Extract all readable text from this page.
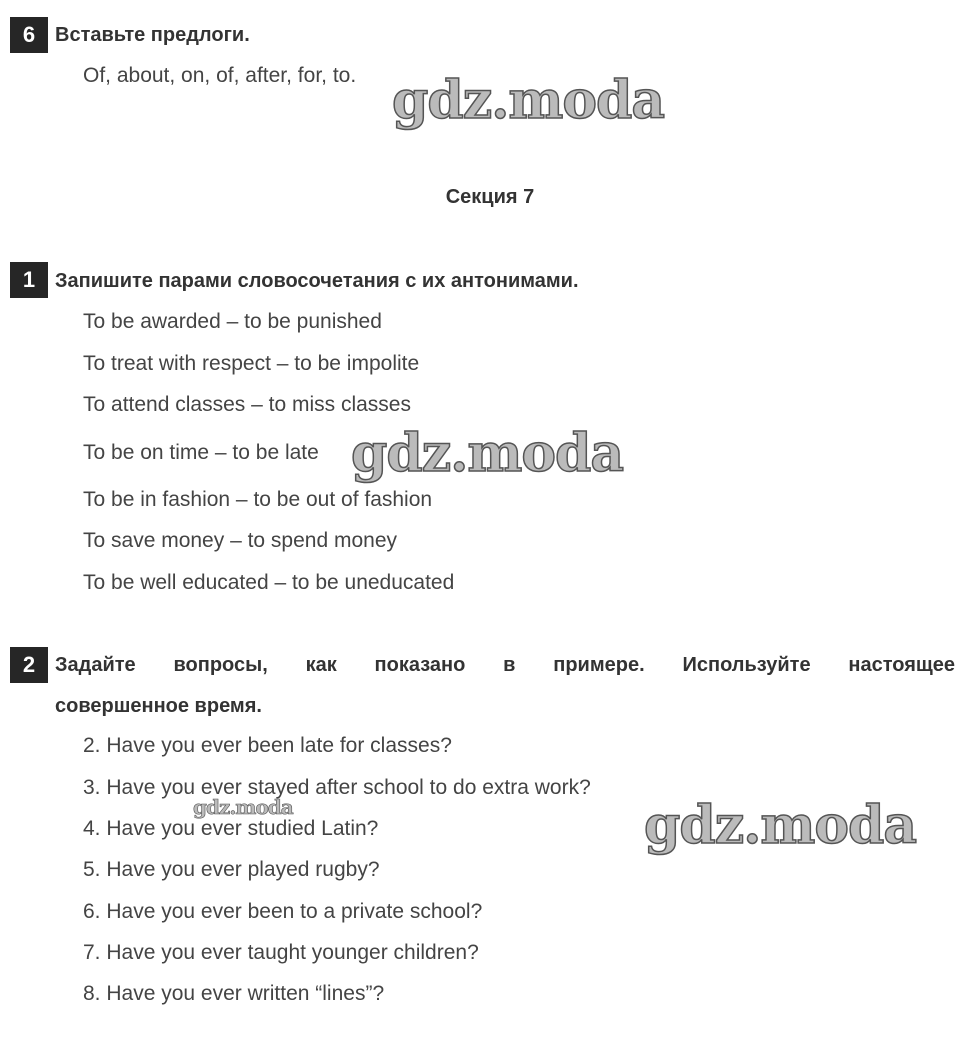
6 Вставьте предлоги.
Of, about, on, of, after, for, to.
Секция 7
1 Запишите парами словосочетания с их антонимами.
To be awarded – to be punished
To treat with respect – to be impolite
To attend classes – to miss classes
To be on time – to be late
To be in fashion – to be out of fashion
To save money – to spend money
To be well educated – to be uneducated
2 Задайте вопросы, как показано в примере. Используйте настоящее
совершенное время.
2. Have you ever been late for classes?
3. Have you ever stayed after school to do extra work?
4. Have you ever studied Latin?
5. Have you ever played rugby?
6. Have you ever been to a private school?
7. Have you ever taught younger children?
8. Have you ever written “lines”?
gdz.moda
gdz.moda
gdz.moda	gdz.moda
